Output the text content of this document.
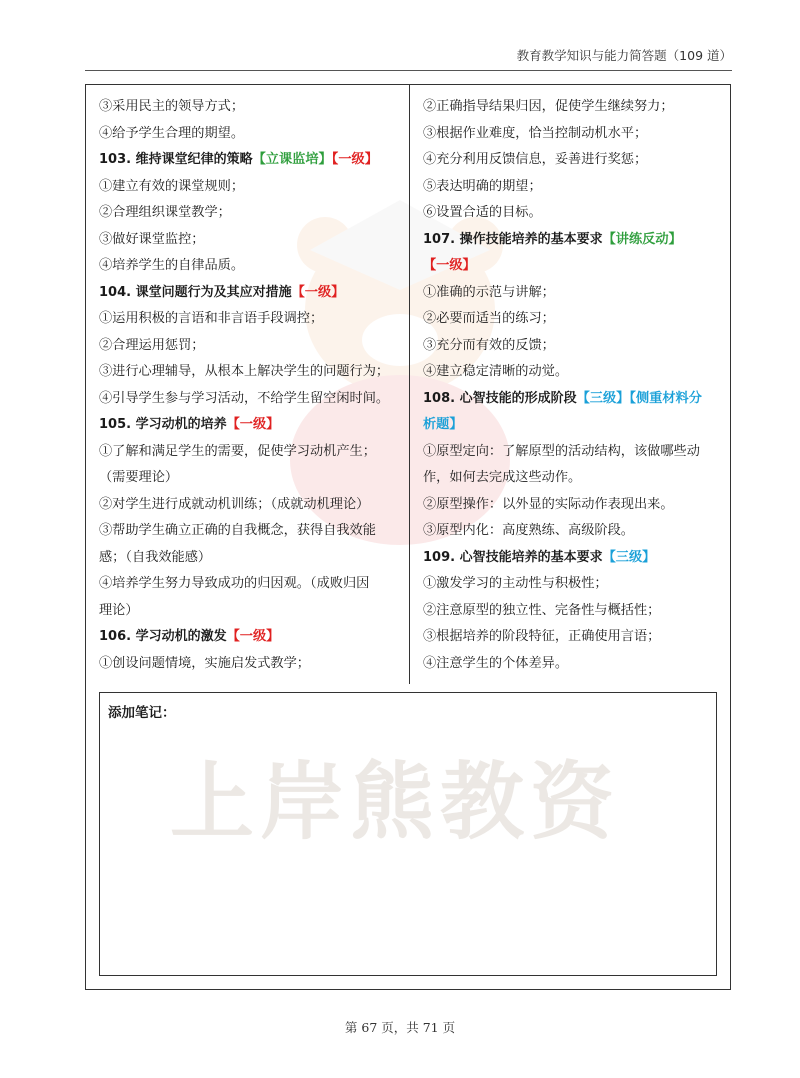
教育教学知识与能力简答题（109 道）
③采用民主的领导方式；
④给予学生合理的期望。
103. 维持课堂纪律的策略【立课监培】【一级】
①建立有效的课堂规则；
②合理组织课堂教学；
③做好课堂监控；
④培养学生的自律品质。
104. 课堂问题行为及其应对措施【一级】
①运用积极的言语和非言语手段调控；
②合理运用惩罚；
③进行心理辅导，从根本上解决学生的问题行为；
④引导学生参与学习活动，不给学生留空闲时间。
105. 学习动机的培养【一级】
①了解和满足学生的需要，促使学习动机产生；
（需要理论）
②对学生进行成就动机训练；（成就动机理论）
③帮助学生确立正确的自我概念，获得自我效能
感；（自我效能感）
④培养学生努力导致成功的归因观。（成败归因
理论）
106. 学习动机的激发【一级】
①创设问题情境，实施启发式教学；
②正确指导结果归因，促使学生继续努力；
③根据作业难度，恰当控制动机水平；
④充分利用反馈信息，妥善进行奖惩；
⑤表达明确的期望；
⑥设置合适的目标。
107. 操作技能培养的基本要求【讲练反动】
【一级】
①准确的示范与讲解；
②必要而适当的练习；
③充分而有效的反馈；
④建立稳定清晰的动觉。
108. 心智技能的形成阶段【三级】【侧重材料分
析题】
①原型定向：了解原型的活动结构，该做哪些动
作，如何去完成这些动作。
②原型操作：以外显的实际动作表现出来。
③原型内化：高度熟练、高级阶段。
109. 心智技能培养的基本要求【三级】
①激发学习的主动性与积极性；
②注意原型的独立性、完备性与概括性；
③根据培养的阶段特征，正确使用言语；
④注意学生的个体差异。
上岸熊教资
添加笔记：
第 67 页，共 71 页
